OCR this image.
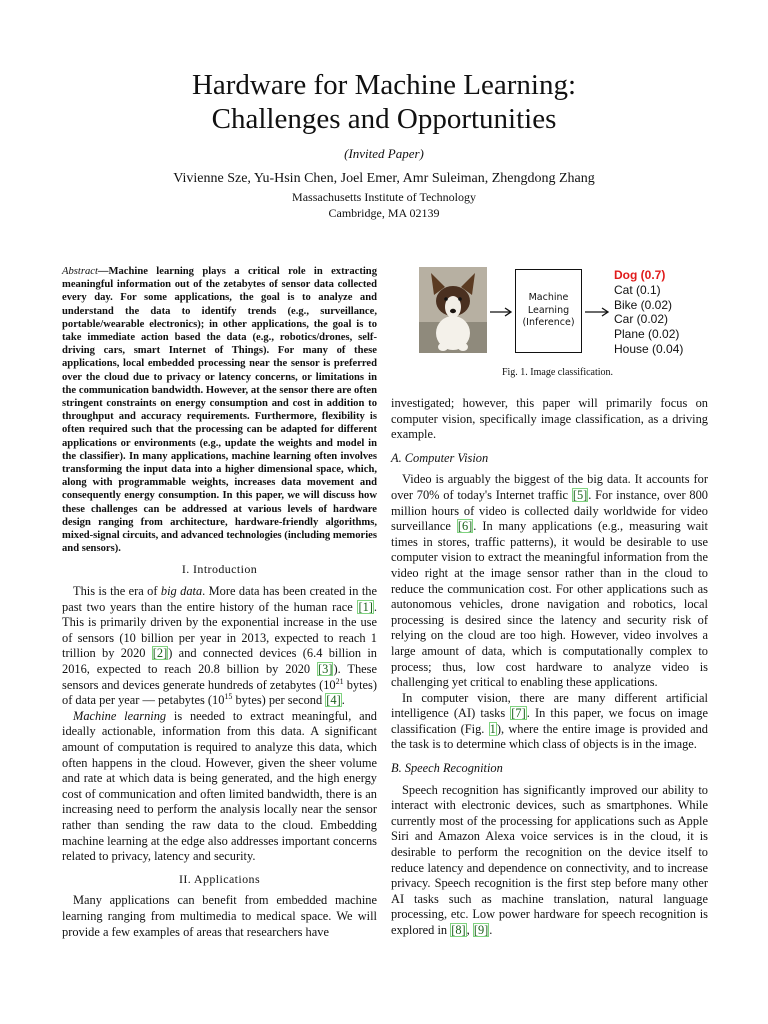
Hardware for Machine Learning:
Challenges and Opportunities
(Invited Paper)
Vivienne Sze, Yu-Hsin Chen, Joel Emer, Amr Suleiman, Zhengdong Zhang
Massachusetts Institute of Technology
Cambridge, MA 02139
Abstract—Machine learning plays a critical role in extracting meaningful information out of the zetabytes of sensor data collected every day. For some applications, the goal is to analyze and understand the data to identify trends (e.g., surveillance, portable/wearable electronics); in other applications, the goal is to take immediate action based the data (e.g., robotics/drones, self-driving cars, smart Internet of Things). For many of these applications, local embedded processing near the sensor is preferred over the cloud due to privacy or latency concerns, or limitations in the communication bandwidth. However, at the sensor there are often stringent constraints on energy consumption and cost in addition to throughput and accuracy requirements. Furthermore, flexibility is often required such that the processing can be adapted for different applications or environments (e.g., update the weights and model in the classifier). In many applications, machine learning often involves transforming the input data into a higher dimensional space, which, along with programmable weights, increases data movement and consequently energy consumption. In this paper, we will discuss how these challenges can be addressed at various levels of hardware design ranging from architecture, hardware-friendly algorithms, mixed-signal circuits, and advanced technologies (including memories and sensors).
I. Introduction

This is the era of big data. More data has been created in the past two years than the entire history of the human race [1]. This is primarily driven by the exponential increase in the use of sensors (10 billion per year in 2013, expected to reach 1 trillion by 2020 [2]) and connected devices (6.4 billion in 2016, expected to reach 20.8 billion by 2020 [3]). These sensors and devices generate hundreds of zetabytes ($10^{21}$ bytes) of data per year — petabytes ($10^{15}$ bytes) per second [4].

Machine learning is needed to extract meaningful, and ideally actionable, information from this data. A significant amount of computation is required to analyze this data, which often happens in the cloud. However, given the sheer volume and rate at which data is being generated, and the high energy cost of communication and often limited bandwidth, there is an increasing need to perform the analysis locally near the sensor rather than sending the raw data to the cloud. Embedding machine learning at the edge also addresses important concerns related to privacy, latency and security.

II. Applications

Many applications can benefit from embedded machine learning ranging from multimedia to medical space. We will provide a few examples of areas that researchers have

Machine
Learning
(Inference)
Dog (0.7)
Cat (0.1)
Bike (0.02)
Car (0.02)
Plane (0.02)
House (0.04)
Fig. 1. Image classification.

investigated; however, this paper will primarily focus on computer vision, specifically image classification, as a driving example.

A. Computer Vision

Video is arguably the biggest of the big data. It accounts for over 70% of today's Internet traffic [5]. For instance, over 800 million hours of video is collected daily worldwide for video surveillance [6]. In many applications (e.g., measuring wait times in stores, traffic patterns), it would be desirable to use computer vision to extract the meaningful information from the video right at the image sensor rather than in the cloud to reduce the communication cost. For other applications such as autonomous vehicles, drone navigation and robotics, local processing is desired since the latency and security risk of relying on the cloud are too high. However, video involves a large amount of data, which is computationally complex to process; thus, low cost hardware to analyze video is challenging yet critical to enabling these applications.

In computer vision, there are many different artificial intelligence (AI) tasks [7]. In this paper, we focus on image classification (Fig. 1), where the entire image is provided and the task is to determine which class of objects is in the image.

B. Speech Recognition

Speech recognition has significantly improved our ability to interact with electronic devices, such as smartphones. While currently most of the processing for applications such as Apple Siri and Amazon Alexa voice services is in the cloud, it is desirable to perform the recognition on the device itself to reduce latency and dependence on connectivity, and to increase privacy. Speech recognition is the first step before many other AI tasks such as machine translation, natural language processing, etc. Low power hardware for speech recognition is explored in [8], [9].
